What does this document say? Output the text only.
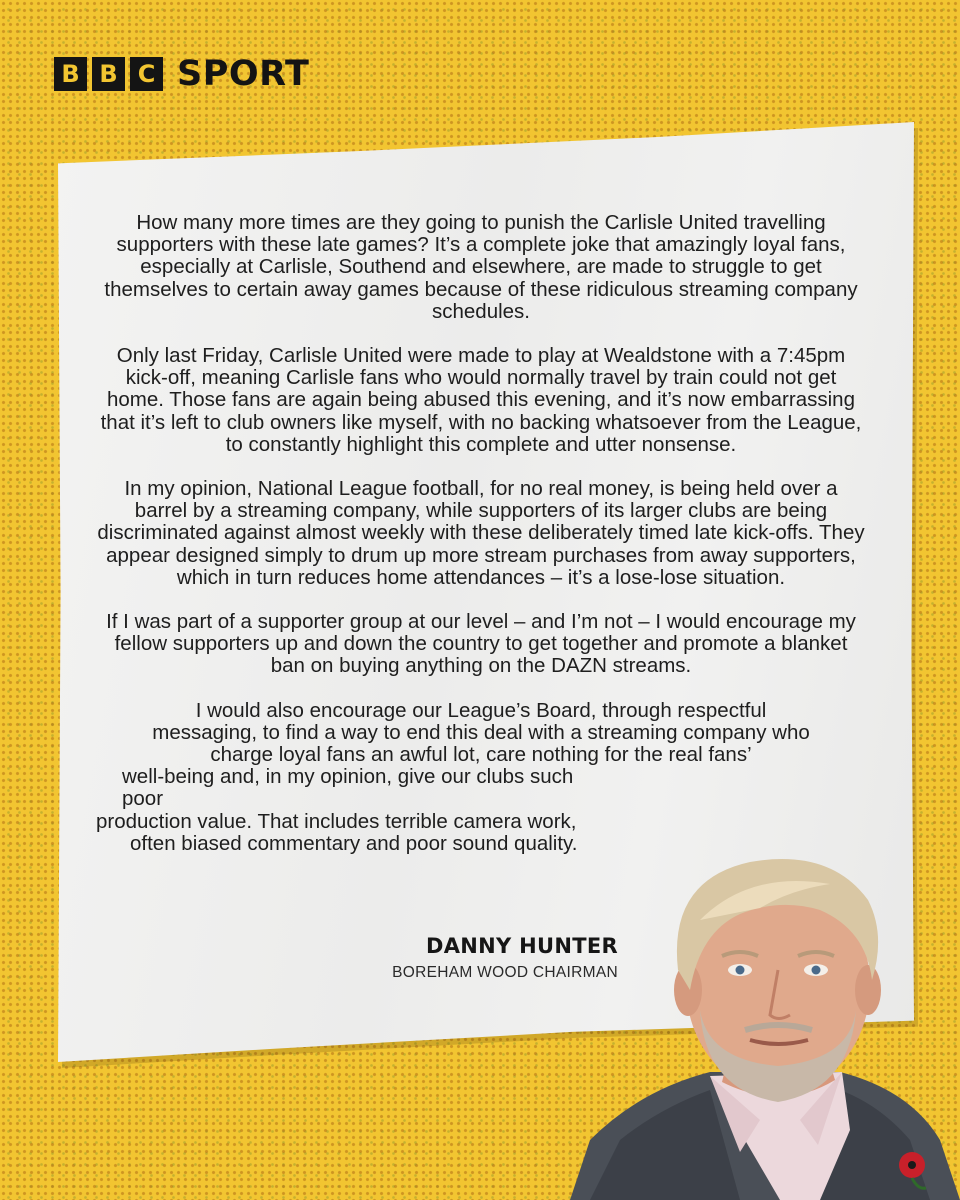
B B C SPORT

How many more times are they going to punish the Carlisle United travelling supporters with these late games? It’s a complete joke that amazingly loyal fans, especially at Carlisle, Southend and elsewhere, are made to struggle to get themselves to certain away games because of these ridiculous streaming company schedules.

Only last Friday, Carlisle United were made to play at Wealdstone with a 7:45pm kick-off, meaning Carlisle fans who would normally travel by train could not get home. Those fans are again being abused this evening, and it’s now embarrassing that it’s left to club owners like myself, with no backing whatsoever from the League, to constantly highlight this complete and utter nonsense.

In my opinion, National League football, for no real money, is being held over a barrel by a streaming company, while supporters of its larger clubs are being discriminated against almost weekly with these deliberately timed late kick-offs. They appear designed simply to drum up more stream purchases from away supporters, which in turn reduces home attendances – it’s a lose-lose situation.

If I was part of a supporter group at our level – and I’m not – I would encourage my fellow supporters up and down the country to get together and promote a blanket ban on buying anything on the DAZN streams.

I would also encourage our League’s Board, through respectful
messaging, to find a way to end this deal with a streaming company who
charge loyal fans an awful lot, care nothing for the real fans’
well-being and, in my opinion, give our clubs such poor
production value. That includes terrible camera work,
often biased commentary and poor sound quality.
DANNY HUNTER
BOREHAM WOOD CHAIRMAN
